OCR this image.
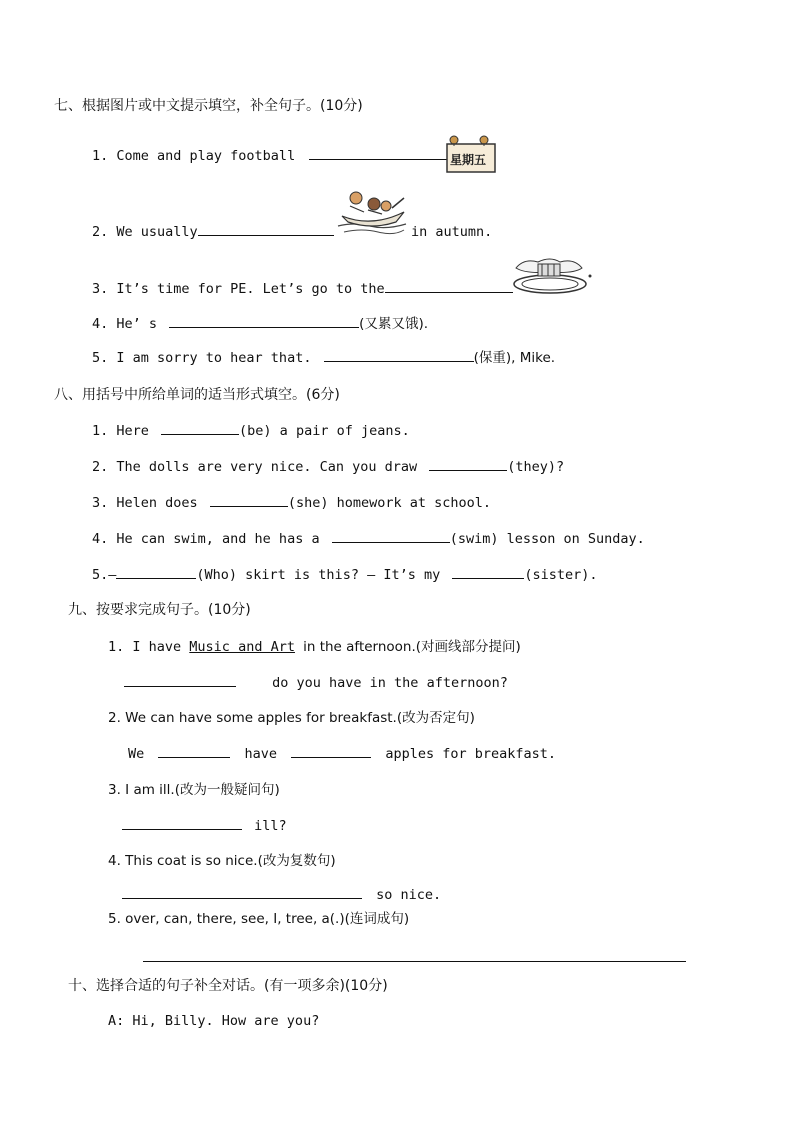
七、根据图片或中文提示填空，补全句子。(10分)
1. Come and play football	星期五
2. We usually	in autumn.
3. It’s time for PE. Let’s go to the
4. He’ s	(又累又饿).
5. I am sorry to hear that.	(保重), Mike.
八、用括号中所给单词的适当形式填空。(6分)
1. Here	(be) a pair of jeans.
2. The dolls are very nice. Can you draw	(they)?
3. Helen does	(she) homework at school.
4. He can swim, and he has a	(swim) lesson on Sunday.
5.—	(Who) skirt is this? — It’s my	(sister).
九、按要求完成句子。(10分)
1. I have Music and Art in the afternoon.(对画线部分提问)
do you have in the afternoon?
2. We can have some apples for breakfast.(改为否定句)
We	have	apples for breakfast.
3. I am ill.(改为一般疑问句)
ill?
4. This coat is so nice.(改为复数句)
so nice.
5. over, can, there, see, I, tree, a(.)(连词成句)
十、选择合适的句子补全对话。(有一项多余)(10分)
A: Hi, Billy. How are you?
